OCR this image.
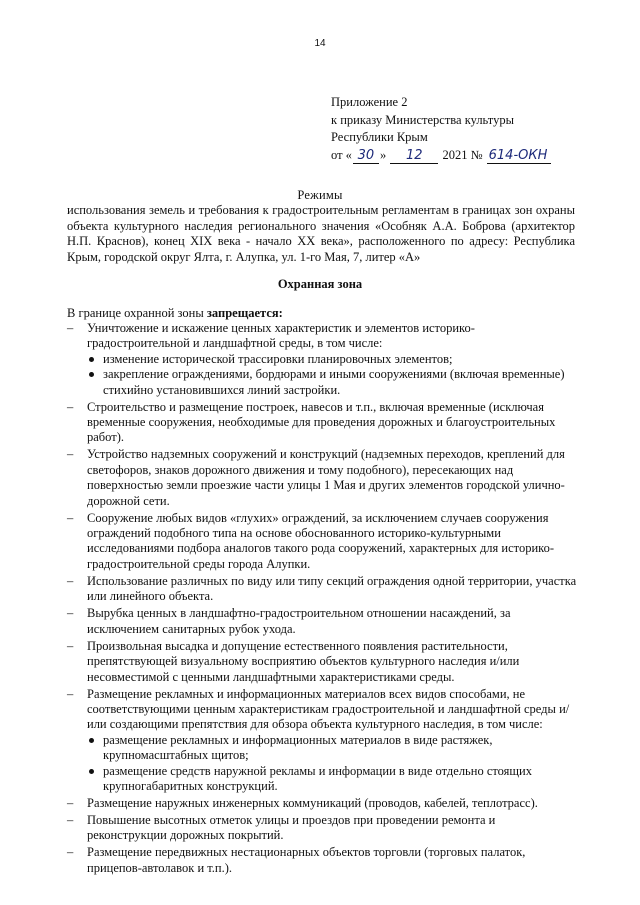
14
Приложение 2
к приказу Министерства культуры
Республики Крым
от « 30 » 12 2021 № 614-ОКН
Режимы

использования земель и требования к градостроительным регламентам в границах зон охраны объекта культурного наследия регионального значения «Особняк А.А. Боброва (архитектор Н.П. Краснов), конец XIX века - начало XX века», расположенного по адресу: Республика Крым, городской округ Ялта, г. Алупка, ул. 1-го Мая, 7, литер «А»

Охранная зона
В границе охранной зоны запрещается:
– Уничтожение и искажение ценных характеристик и элементов историко-градостроительной и ландшафтной среды, в том числе:
изменение исторической трассировки планировочных элементов;
закрепление ограждениями, бордюрами и иными сооружениями (включая временные) стихийно установившихся линий застройки.
– Строительство и размещение построек, навесов и т.п., включая временные (исключая временные сооружения, необходимые для проведения дорожных и благоустроительных работ).
– Устройство надземных сооружений и конструкций (надземных переходов, креплений для светофоров, знаков дорожного движения и тому подобного), пересекающих над поверхностью земли проезжие части улицы 1 Мая и других элементов городской улично-дорожной сети.
– Сооружение любых видов «глухих» ограждений, за исключением случаев сооружения ограждений подобного типа на основе обоснованного историко-культурными исследованиями подбора аналогов такого рода сооружений, характерных для историко-градостроительной среды города Алупки.
– Использование различных по виду или типу секций ограждения одной территории, участка или линейного объекта.
– Вырубка ценных в ландшафтно-градостроительном отношении насаждений, за исключением санитарных рубок ухода.
– Произвольная высадка и допущение естественного появления растительности, препятствующей визуальному восприятию объектов культурного наследия и/или несовместимой с ценными ландшафтными характеристиками среды.
– Размещение рекламных и информационных материалов всех видов способами, не соответствующими ценным характеристикам градостроительной и ландшафтной среды и/или создающими препятствия для обзора объекта культурного наследия, в том числе:
размещение рекламных и информационных материалов в виде растяжек, крупномасштабных щитов;
размещение средств наружной рекламы и информации в виде отдельно стоящих крупногабаритных конструкций.
– Размещение наружных инженерных коммуникаций (проводов, кабелей, теплотрасс).
– Повышение высотных отметок улицы и проездов при проведении ремонта и реконструкции дорожных покрытий.
– Размещение передвижных нестационарных объектов торговли (торговых палаток, прицепов-автолавок и т.п.).
